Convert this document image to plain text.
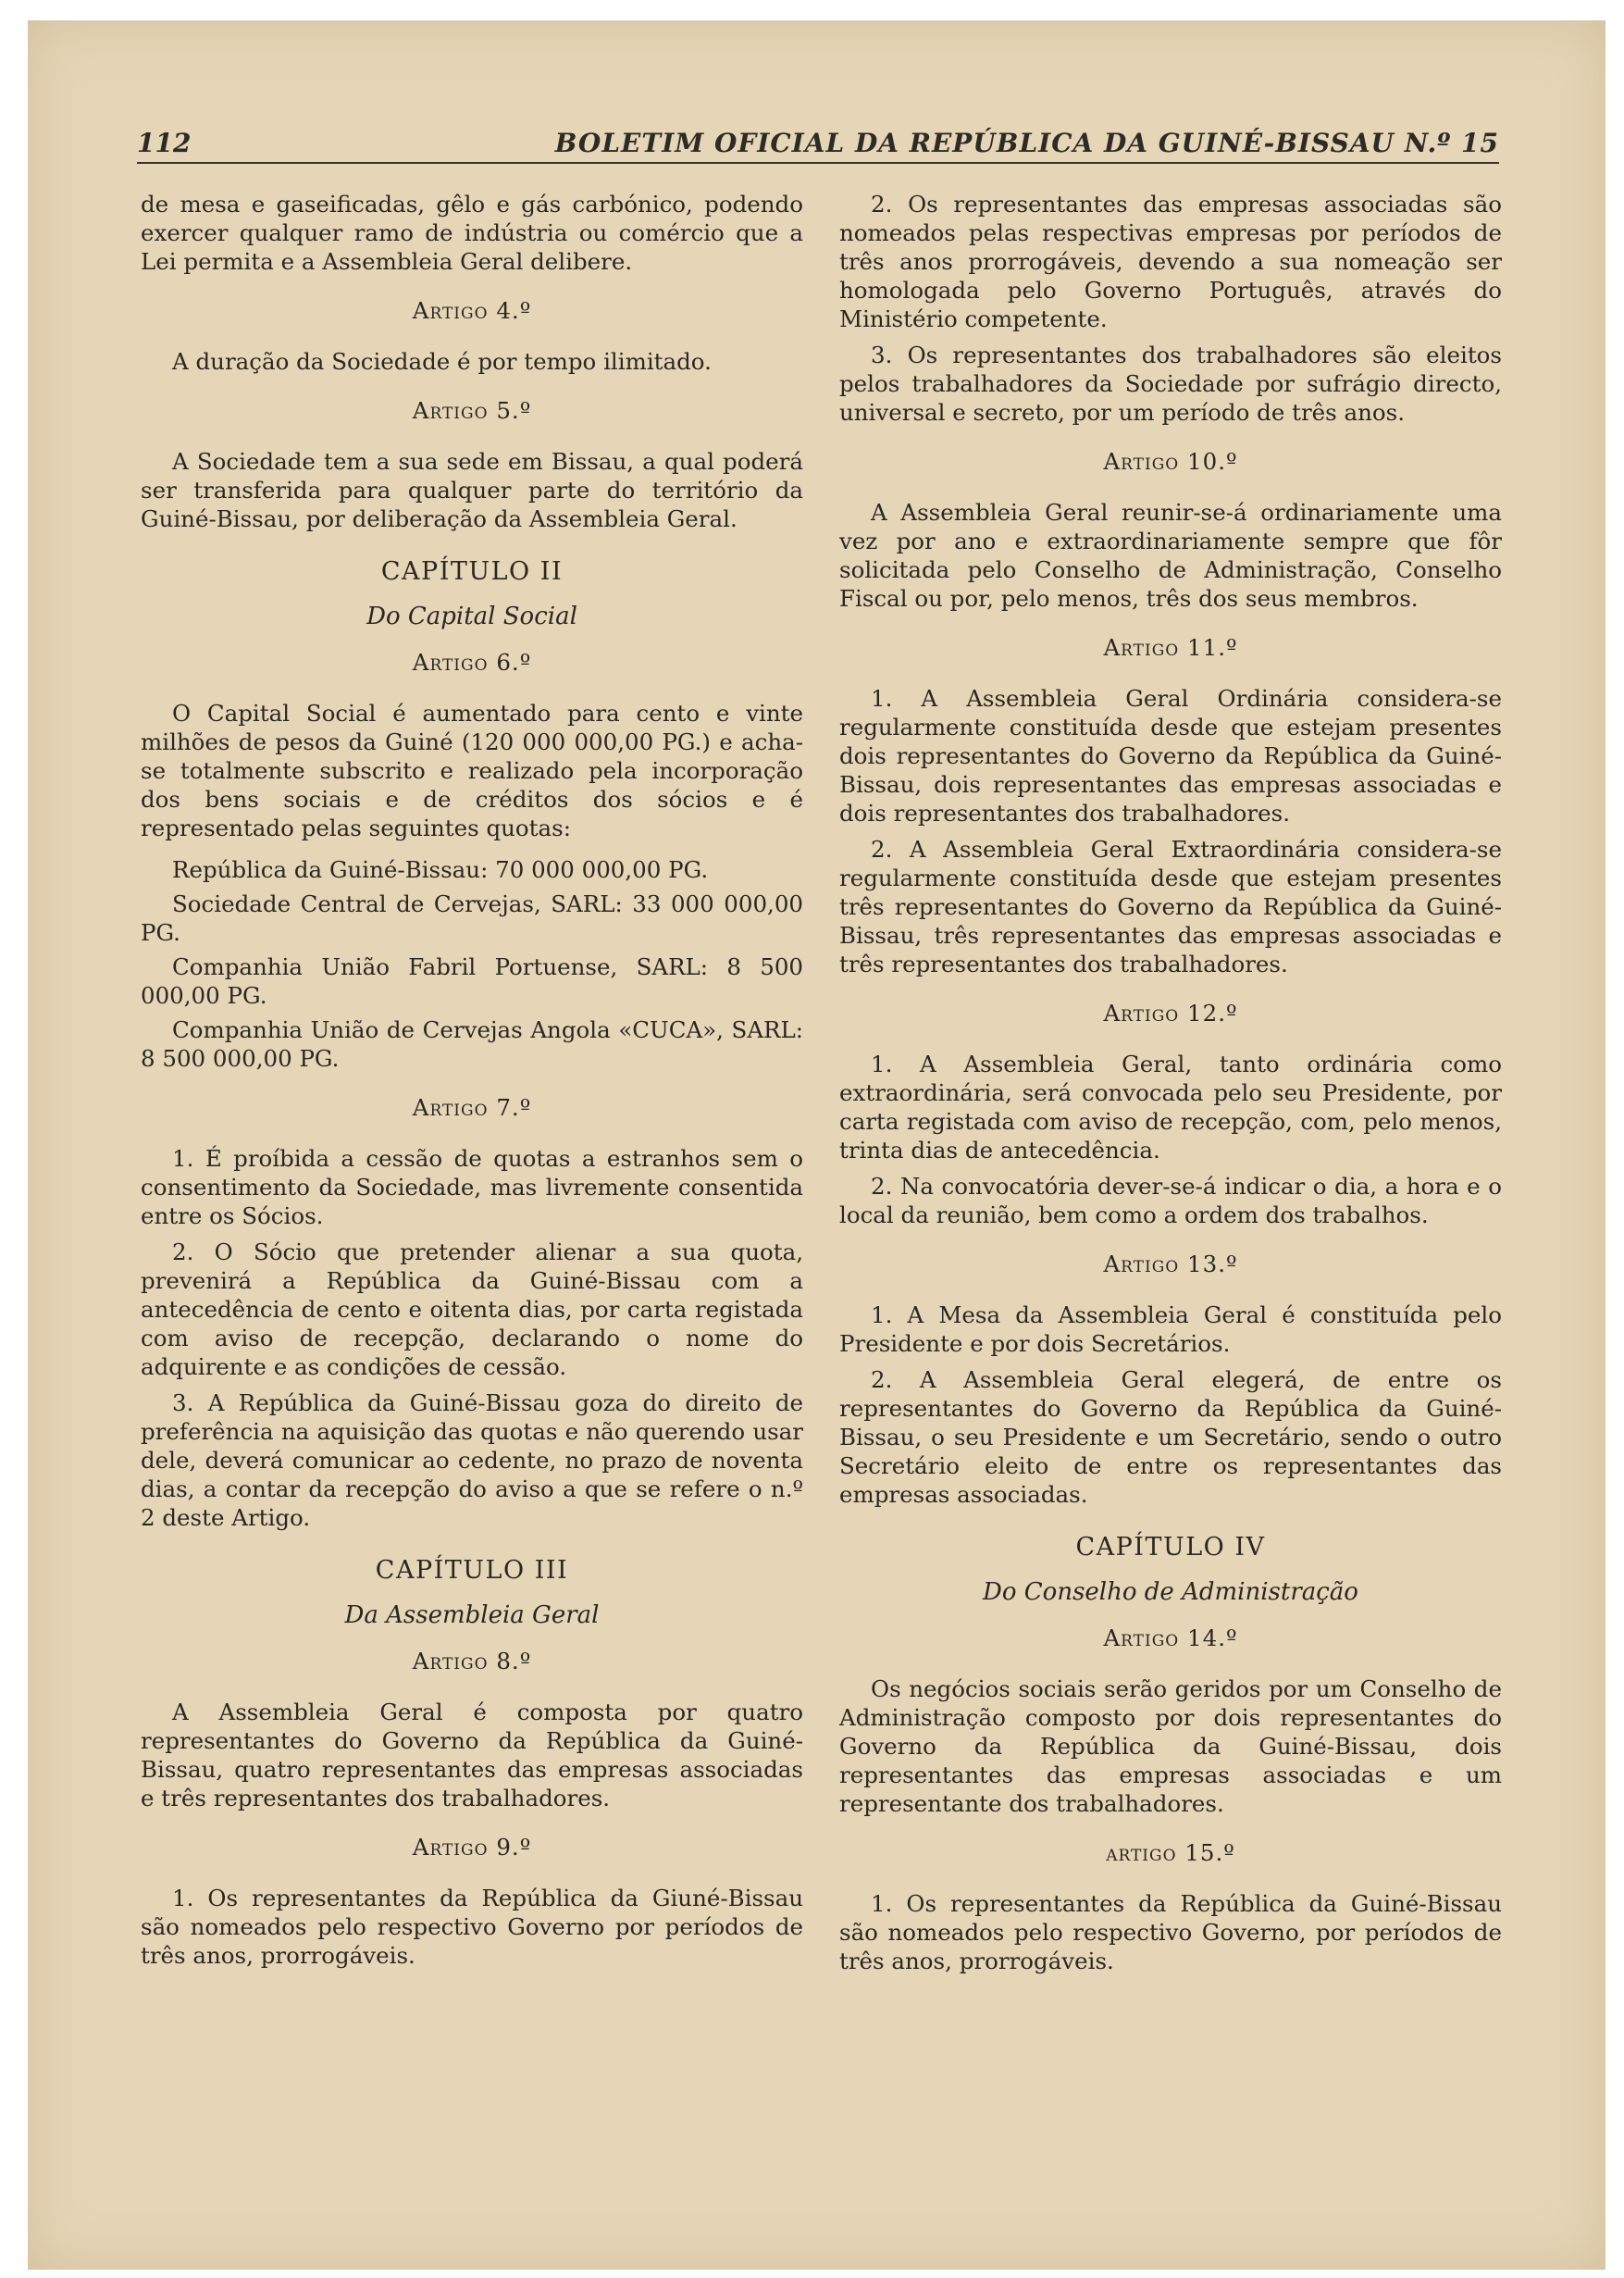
112	BOLETIM OFICIAL DA REPÚBLICA DA GUINÉ-BISSAU N.º 15

de mesa e gaseificadas, gêlo e gás carbónico, podendo exercer qualquer ramo de indústria ou comércio que a Lei permita e a Assembleia Geral delibere.

Artigo 4.º

A duração da Sociedade é por tempo ilimitado.

Artigo 5.º

A Sociedade tem a sua sede em Bissau, a qual poderá ser transferida para qualquer parte do território da Guiné-Bissau, por deliberação da Assembleia Geral.

CAPÍTULO II
Do Capital Social
Artigo 6.º

O Capital Social é aumentado para cento e vinte milhões de pesos da Guiné (120 000 000,00 PG.) e acha-se totalmente subscrito e realizado pela incorporação dos bens sociais e de créditos dos sócios e é representado pelas seguintes quotas:

República da Guiné-Bissau: 70 000 000,00 PG.

Sociedade Central de Cervejas, SARL: 33 000 000,00 PG.

Companhia União Fabril Portuense, SARL: 8 500 000,00 PG.

Companhia União de Cervejas Angola «CUCA», SARL: 8 500 000,00 PG.

Artigo 7.º

1. É proíbida a cessão de quotas a estranhos sem o consentimento da Sociedade, mas livremente consentida entre os Sócios.

2. O Sócio que pretender alienar a sua quota, prevenirá a República da Guiné-Bissau com a antecedência de cento e oitenta dias, por carta registada com aviso de recepção, declarando o nome do adquirente e as condições de cessão.

3. A República da Guiné-Bissau goza do direito de preferência na aquisição das quotas e não querendo usar dele, deverá comunicar ao cedente, no prazo de noventa dias, a contar da recepção do aviso a que se refere o n.º 2 deste Artigo.

CAPÍTULO III
Da Assembleia Geral
Artigo 8.º

A Assembleia Geral é composta por quatro representantes do Governo da República da Guiné-Bissau, quatro representantes das empresas associadas e três representantes dos trabalhadores.

Artigo 9.º

1. Os representantes da República da Giuné-Bissau são nomeados pelo respectivo Governo por períodos de três anos, prorrogáveis.

2. Os representantes das empresas associadas são nomeados pelas respectivas empresas por períodos de três anos prorrogáveis, devendo a sua nomeação ser homologada pelo Governo Português, através do Ministério competente.

3. Os representantes dos trabalhadores são eleitos pelos trabalhadores da Sociedade por sufrágio directo, universal e secreto, por um período de três anos.

Artigo 10.º

A Assembleia Geral reunir-se-á ordinariamente uma vez por ano e extraordinariamente sempre que fôr solicitada pelo Conselho de Administração, Conselho Fiscal ou por, pelo menos, três dos seus membros.

Artigo 11.º

1. A Assembleia Geral Ordinária considera-se regularmente constituída desde que estejam presentes dois representantes do Governo da República da Guiné-Bissau, dois representantes das empresas associadas e dois representantes dos trabalhadores.

2. A Assembleia Geral Extraordinária considera-se regularmente constituída desde que estejam presentes três representantes do Governo da República da Guiné-Bissau, três representantes das empresas associadas e três representantes dos trabalhadores.

Artigo 12.º

1. A Assembleia Geral, tanto ordinária como extraordinária, será convocada pelo seu Presidente, por carta registada com aviso de recepção, com, pelo menos, trinta dias de antecedência.

2. Na convocatória dever-se-á indicar o dia, a hora e o local da reunião, bem como a ordem dos trabalhos.

Artigo 13.º

1. A Mesa da Assembleia Geral é constituída pelo Presidente e por dois Secretários.

2. A Assembleia Geral elegerá, de entre os representantes do Governo da República da Guiné-Bissau, o seu Presidente e um Secretário, sendo o outro Secretário eleito de entre os representantes das empresas associadas.

CAPÍTULO IV
Do Conselho de Administração
Artigo 14.º

Os negócios sociais serão geridos por um Conselho de Administração composto por dois representantes do Governo da República da Guiné-Bissau, dois representantes das empresas associadas e um representante dos trabalhadores.

artigo 15.º

1. Os representantes da República da Guiné-Bissau são nomeados pelo respectivo Governo, por períodos de três anos, prorrogáveis.
